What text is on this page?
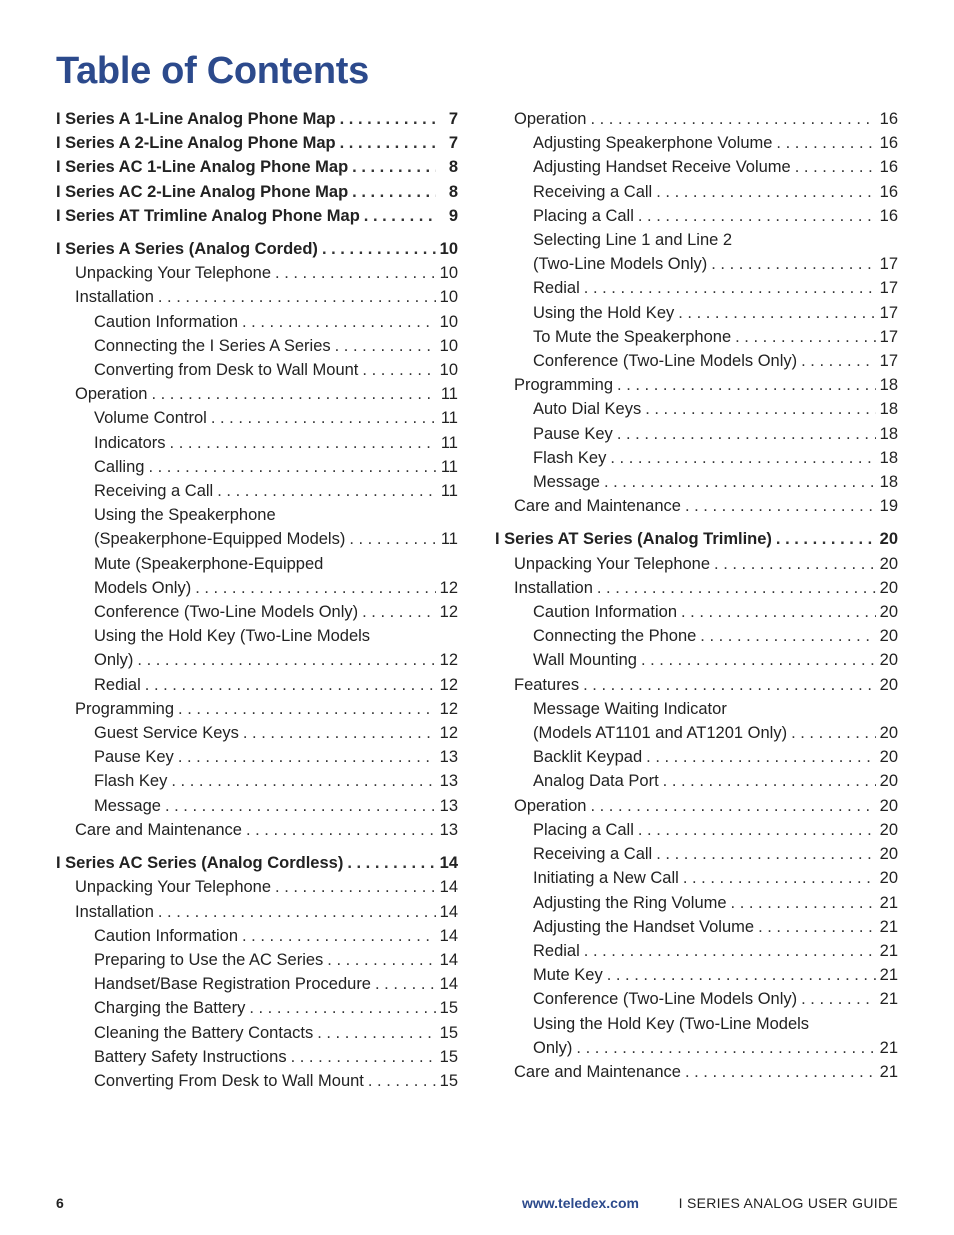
Table of Contents
I Series A 1-Line Analog Phone Map . . .	7
I Series A 2-Line Analog Phone Map . . .	7
I Series AC 1-Line Analog Phone Map . . .	8
I Series AC 2-Line Analog Phone Map . . .	8
I Series AT Trimline Analog Phone Map . . .	9
I Series A Series (Analog Corded) . . .	10
Unpacking Your Telephone . . .	10
Installation . . .	10
Caution Information . . .	10
Connecting the I Series A Series . . .	10
Converting from Desk to Wall Mount . . .	10
Operation . . .	11
Volume Control . . .	11
Indicators . . .	11
Calling . . .	11
Receiving a Call . . .	11
Using the Speakerphone
(Speakerphone-Equipped Models) . . .	11
Mute (Speakerphone-Equipped
Models Only) . . .	12
Conference (Two-Line Models Only) . . .	12
Using the Hold Key (Two-Line Models
Only) . . .	12
Redial . . .	12
Programming . . .	12
Guest Service Keys . . .	12
Pause Key . . .	13
Flash Key . . .	13
Message . . .	13
Care and Maintenance . . .	13
I Series AC Series (Analog Cordless) . . .	14
Unpacking Your Telephone . . .	14
Installation . . .	14
Caution Information . . .	14
Preparing to Use the AC Series . . .	14
Handset/Base Registration Procedure . . .	14
Charging the Battery . . .	15
Cleaning the Battery Contacts . . .	15
Battery Safety Instructions . . .	15
Converting From Desk to Wall Mount . . .	15
Operation . . .	16
Adjusting Speakerphone Volume . . .	16
Adjusting Handset Receive Volume . . .	16
Receiving a Call . . .	16
Placing a Call . . .	16
Selecting Line 1 and Line 2
(Two-Line Models Only) . . .	17
Redial . . .	17
Using the Hold Key . . .	17
To Mute the Speakerphone . . .	17
Conference (Two-Line Models Only) . . .	17
Programming . . .	18
Auto Dial Keys . . .	18
Pause Key . . .	18
Flash Key . . .	18
Message . . .	18
Care and Maintenance . . .	19
I Series AT Series (Analog Trimline) . . .	20
Unpacking Your Telephone . . .	20
Installation . . .	20
Caution Information . . .	20
Connecting the Phone . . .	20
Wall Mounting . . .	20
Features . . .	20
Message Waiting Indicator
(Models AT1101 and AT1201 Only) . . .	20
Backlit Keypad . . .	20
Analog Data Port . . .	20
Operation . . .	20
Placing a Call . . .	20
Receiving a Call . . .	20
Initiating a New Call . . .	20
Adjusting the Ring Volume . . .	21
Adjusting the Handset Volume . . .	21
Redial . . .	21
Mute Key . . .	21
Conference (Two-Line Models Only) . . .	21
Using the Hold Key (Two-Line Models
Only) . . .	21
Care and Maintenance . . .	21
6	www.teledex.com	I SERIES ANALOG USER GUIDE
